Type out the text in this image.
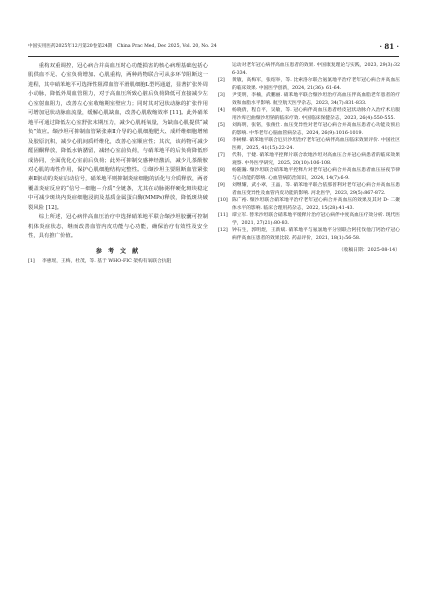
中国实用医药2025年12月第20卷第24期　China Prac Med, Dec 2025, Vol. 20, No. 24	· 81 ·

重构双重调控，冠心病合并高血压时心功能损害的核心病理基础包括心肌供血不足、心室负荷增加、心肌重构，两种药物联合可从多环节阻断这一进程，其中硝苯地平可选择性阻滞血管平滑肌细胞L型钙通道，显著扩张外周小动脉，降低外周血管阻力，对于高血压所致心脏后负荷降低可直接减少左心室射血阻力，改善左心室收缩期室壁应力；同时其对冠状动脉的扩张作用可增加冠状动脉血流量，缓解心肌缺血，改善心肌收缩效率 [11]。此外硝苯地平可通过降低左心室舒张末期压力，减少心肌耗氧量，为缺血心肌提供“减负”效应。缬沙坦可抑制血管紧张素Ⅱ介导的心肌细胞肥大、成纤维细胞增殖及胶原沉积，减少心肌间质纤维化，改善心室顺应性；其次，该药物可减少醛固酮释放，降低水钠潴留，减轻心室前负荷，与硝苯地平的后负荷降低形成协同，全面优化心室前后负荷；此外可抑制交感神经激活，减少儿茶酚胺对心肌的毒性作用，保护心肌细胞结构完整性。②缬沙坦主要阻断血管紧张素Ⅱ驱动的炎症启动信号，硝苯地平则抑制炎症细胞的活化与介质释放，两者覆盖炎症反应的“信号－细胞－介质”全链条，尤其在动脉粥样硬化斑块稳定中可减少斑块内炎症细胞浸润及基质金属蛋白酶(MMPs)释放，降低斑块破裂风险 [12]。

综上所述，冠心病伴高血压治疗中选择硝苯地平联合缬沙坦胶囊可控制机体炎症状态，继而改善血管内皮功能与心功能，确保治疗有效性及安全性，具有推广价值。

参 考 文 献
[1] 李惠瑶，王梅，杜茂，等. 基于 WHO-FIC 架构有氧联合抗阻
运动对老年冠心病伴高血压患者的效果. 中国康复理论与实践，2023, 29(3):326-334.
[2] 黄敏，高梅军，张绍举，等. 比索洛尔联合氨氯地平治疗老年冠心病合并高血压的临床效果. 中国医学创新，2024, 21(36): 61-64.
[3] 尹雯明，李楠，武鹏丽. 硝苯地平联合缬沙坦治疗高血压伴高血脂老年患者的疗效和血脂水平影响. 航空航天医学杂志，2023, 34(7):831-833.
[4] 杨晓倩，程自平，吴敏，等. 冠心病伴高血压患者经皮冠状动脉介入治疗术后服用沙库巴曲缬沙坦钠的临床疗效. 中国临床保健杂志，2023, 26(4):550-555.
[5] 刘海明，张铭，张俊仕. 血压变异性对老年冠心病合并高血压患者心功能及预后的影响. 中华老年心脑血管病杂志，2024, 26(9):1016-1019.
[6] 李树樑. 硝苯地平联合厄贝沙坦治疗老年冠心病伴高血压临床效果评价. 中国社区医师，2025, 41(15):22-24.
[7] 代科，于婕. 硝苯地平控释片联合坎地沙坦对高血压合并冠心病患者的临床效果观察. 中外医学研究，2025, 20(10):106-108.
[8] 杨随瀚. 缬沙坦联合硝苯地平控释片对老年冠心病合并高血压患者血压昼夜节律与心功能的影响. 心血管病防治知识，2024, 14(7):6-9.
[9] 刘继耀，武小翠，王晶，等. 硝苯地平联合依那普利对老年冠心病合并高血压患者血压变异性及血管内皮功能的影响. 河北医学，2023, 29(5):867-872.
[10] 陈广裕. 缬沙坦联合硝苯地平治疗老年冠心病合并高血压的效果及其对 D- 二聚体水平的影响. 临床合理用药杂志，2022, 15(28):41-43.
[11] 谭立军. 替米沙坦联合硝苯地平缓释片治疗冠心病伴中度高血压疗效分析. 现代医学，2021, 27(21):80-83.
[12] 钟石生，郭明煜，王新斌. 硝苯地平与氨氯地平分别联合阿托伐他汀钙治疗冠心病伴高血压患者的效果比较. 药品评价，2021, 18(1):56-58.
（收稿日期：2025-08-14）
